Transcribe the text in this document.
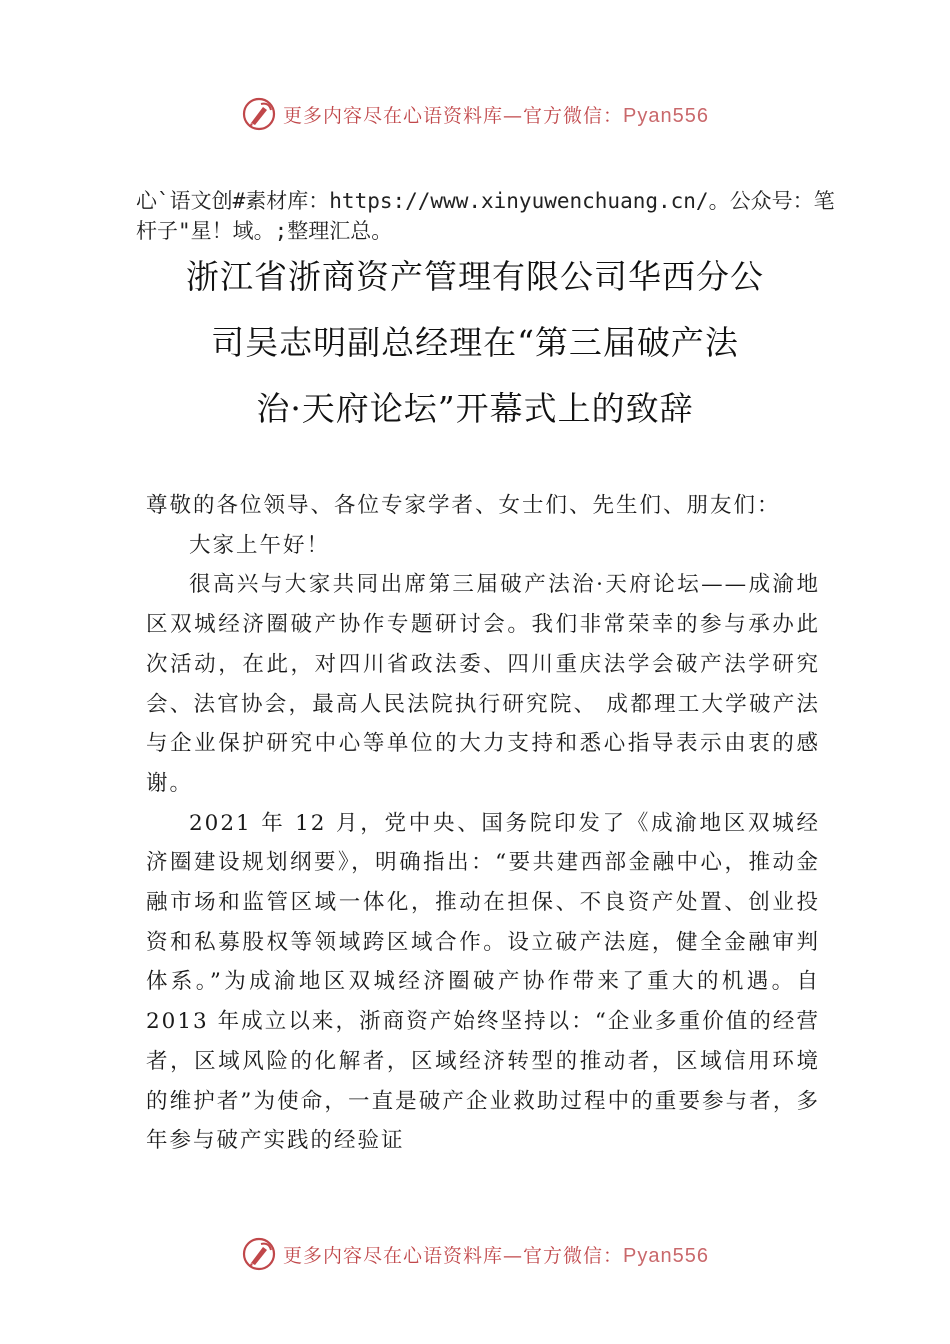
更多内容尽在心语资料库—官方微信：Pyan556
心`语文创#素材库：https://www.xinyuwenchuang.cn/。公众号：笔杆子"星！域。;整理汇总。
浙江省浙商资产管理有限公司华西分公
司吴志明副总经理在“第三届破产法
治·天府论坛”开幕式上的致辞

尊敬的各位领导、各位专家学者、女士们、先生们、朋友们：

大家上午好！

很高兴与大家共同出席第三届破产法治·天府论坛——成渝地区双城经济圈破产协作专题研讨会。我们非常荣幸的参与承办此次活动，在此，对四川省政法委、四川重庆法学会破产法学研究会、法官协会，最高人民法院执行研究院、 成都理工大学破产法与企业保护研究中心等单位的大力支持和悉心指导表示由衷的感谢。

2021 年 12 月，党中央、国务院印发了《成渝地区双城经济圈建设规划纲要》，明确指出：“要共建西部金融中心，推动金融市场和监管区域一体化，推动在担保、不良资产处置、创业投资和私募股权等领域跨区域合作。设立破产法庭，健全金融审判体系。”为成渝地区双城经济圈破产协作带来了重大的机遇。自 2013 年成立以来，浙商资产始终坚持以：“企业多重价值的经营者，区域风险的化解者，区域经济转型的推动者，区域信用环境的维护者”为使命，一直是破产企业救助过程中的重要参与者，多年参与破产实践的经验证

更多内容尽在心语资料库—官方微信：Pyan556
